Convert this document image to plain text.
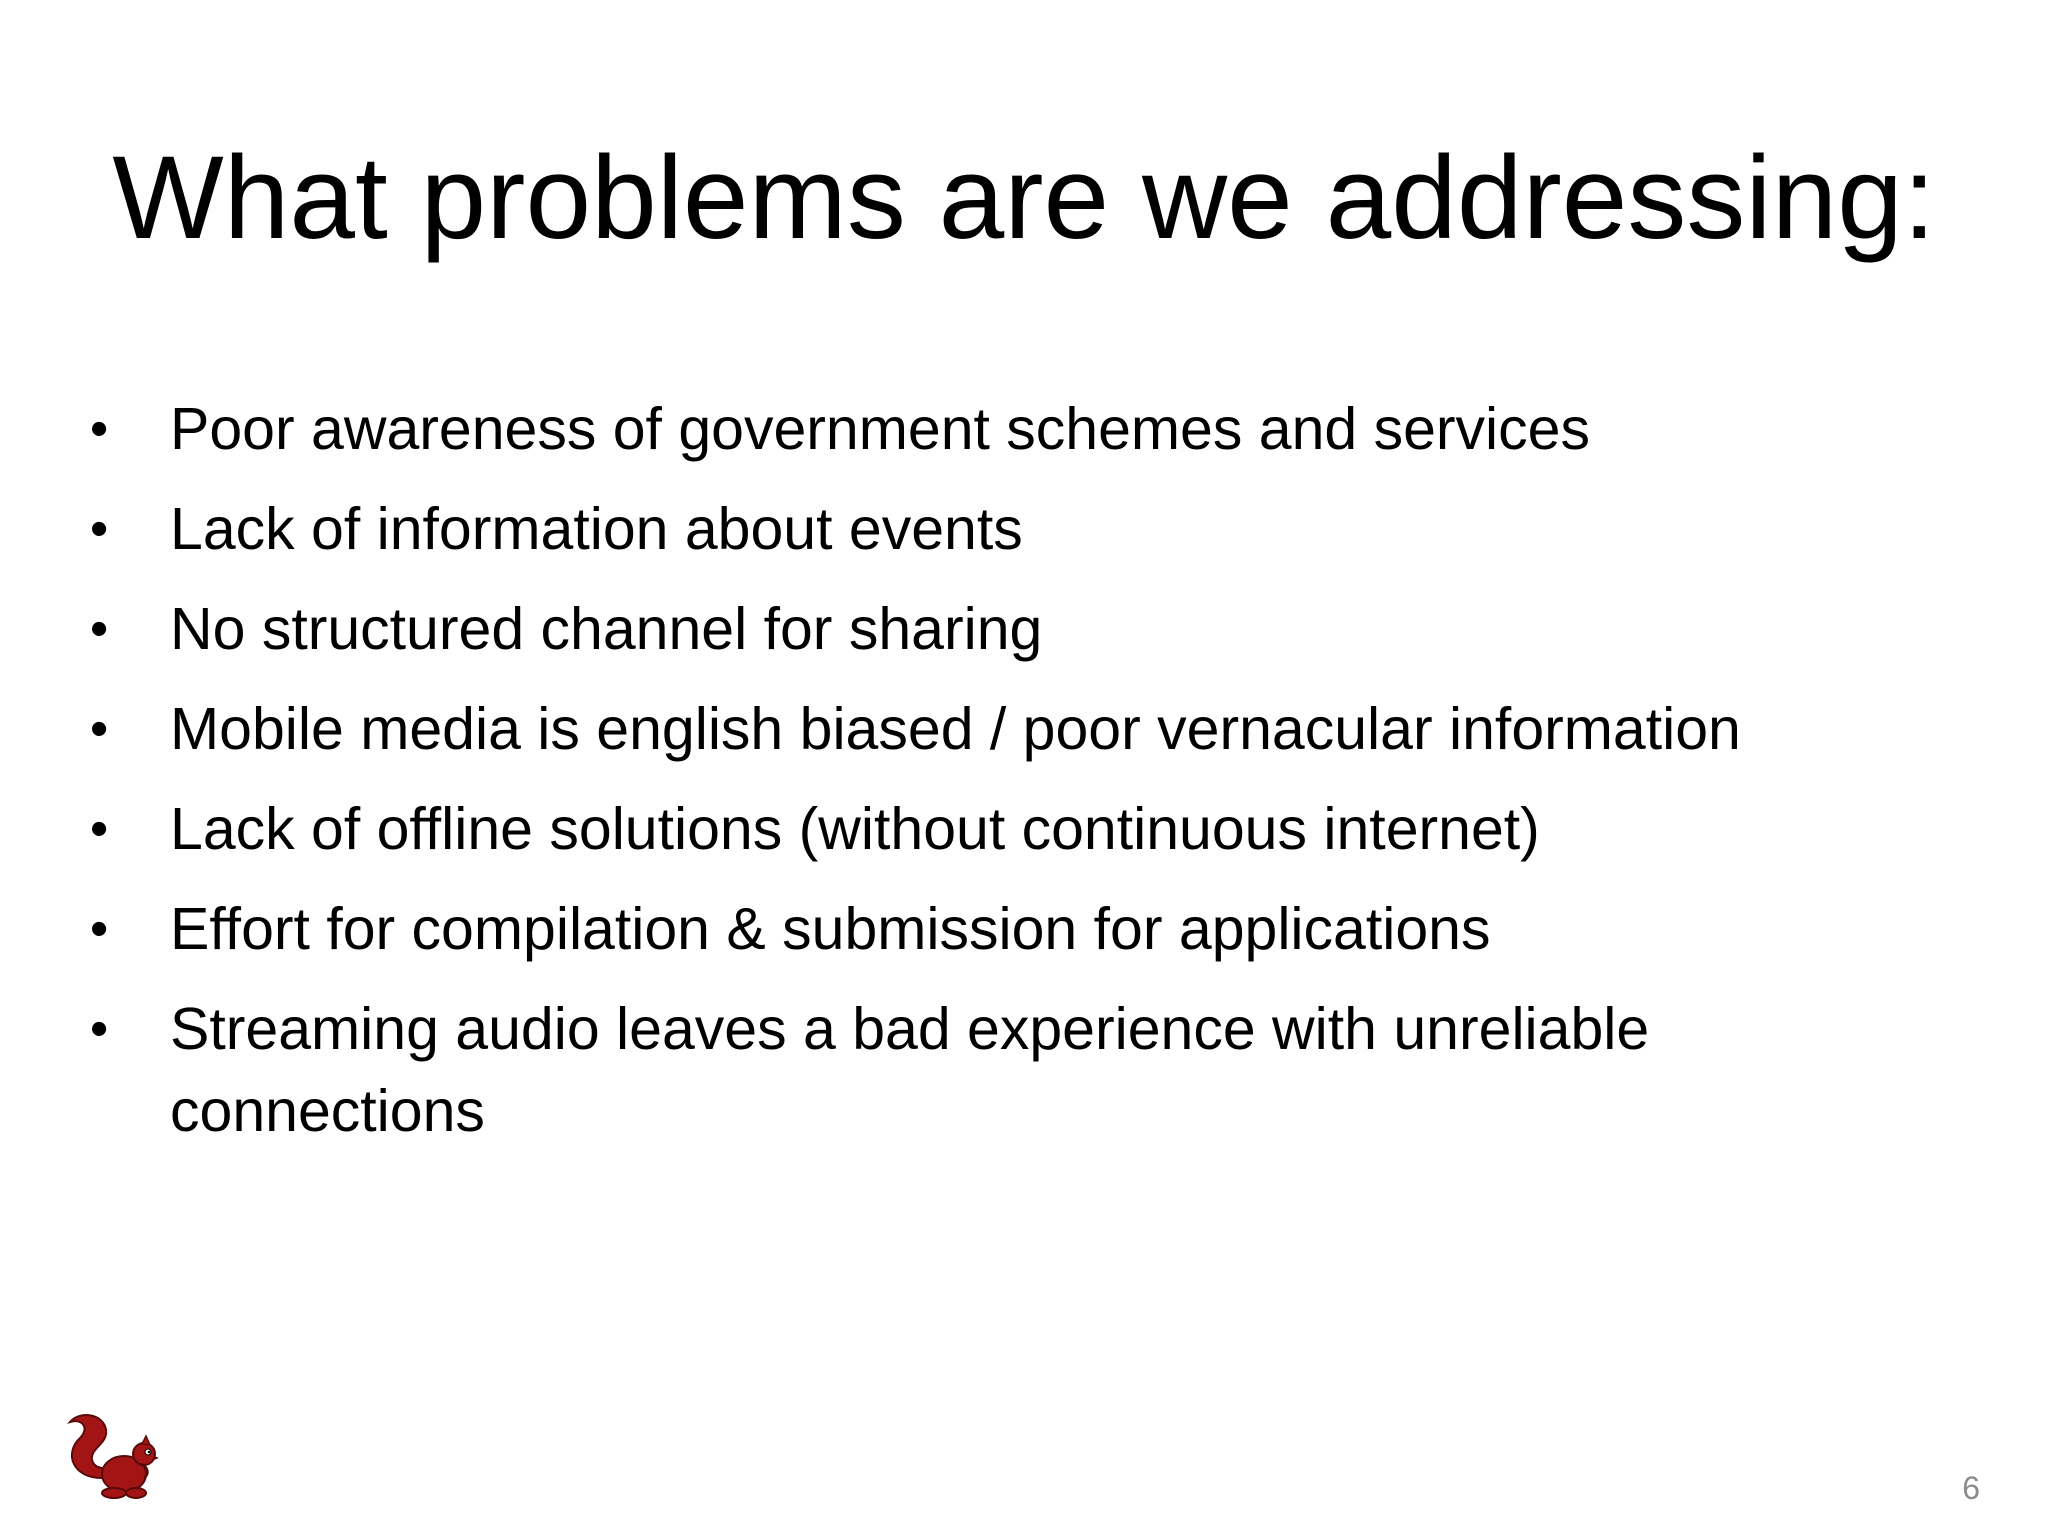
What problems are we addressing:
•	Poor awareness of government schemes and services
•	Lack of information about events
•	No structured channel for sharing
•	Mobile media is english biased / poor vernacular information
•	Lack of offline solutions (without continuous internet)
•	Effort for compilation & submission for applications
•	Streaming audio leaves a bad experience with unreliable connections
6
